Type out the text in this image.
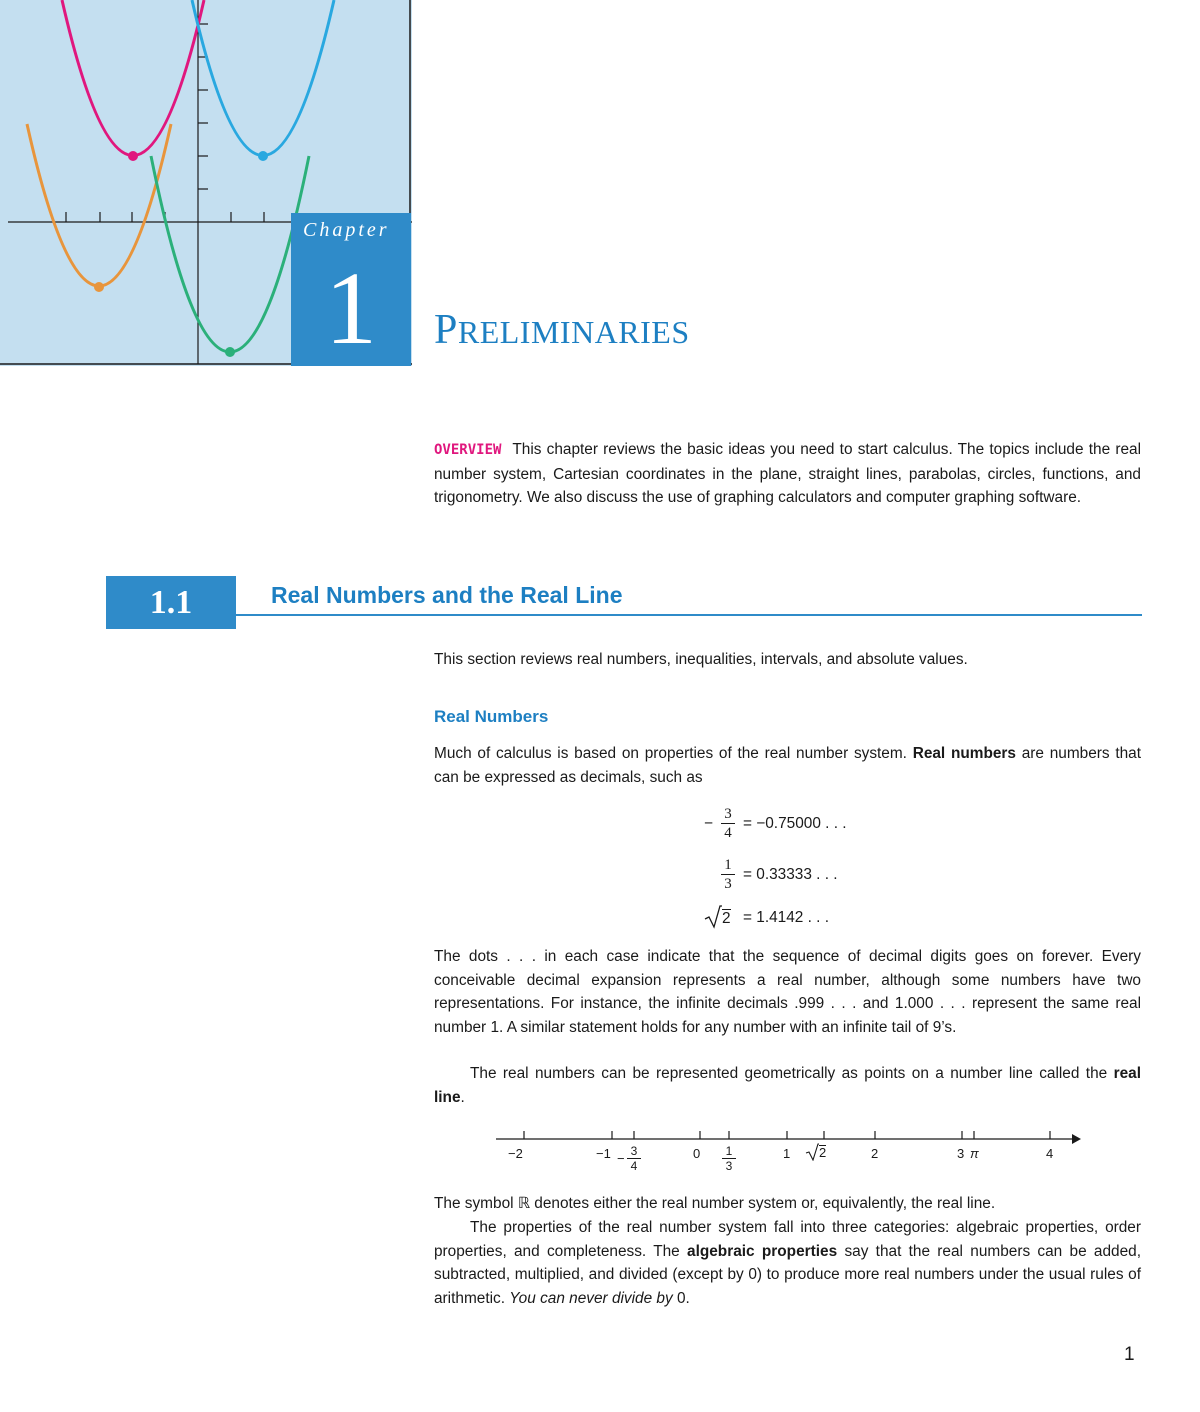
Chapter
1	PRELIMINARIES
OVERVIEW This chapter reviews the basic ideas you need to start calculus. The topics include the real number system, Cartesian coordinates in the plane, straight lines, parabolas, circles, functions, and trigonometry. We also discuss the use of graphing calculators and computer graphing software.
1.1	Real Numbers and the Real Line
This section reviews real numbers, inequalities, intervals, and absolute values.
Real Numbers
Much of calculus is based on properties of the real number system. Real numbers are numbers that can be expressed as decimals, such as
− $\frac{3}{4} = -0.75000$ . . .
$\frac{1}{3} = 0.33333$ . . .
2 = 1.4142 . . .
The dots . . . in each case indicate that the sequence of decimal digits goes on forever. Every conceivable decimal expansion represents a real number, although some numbers have two representations. For instance, the infinite decimals .999 . . . and 1.000 . . . represent the same real number 1. A similar statement holds for any number with an infinite tail of 9’s.
The real numbers can be represented geometrically as points on a number line called the real line.
−2	$-1 - \frac{3}{4}$	$0 \frac{1}{3}$	1 2	2	3 π	4
The symbol ℝ denotes either the real number system or, equivalently, the real line.
The properties of the real number system fall into three categories: algebraic properties, order properties, and completeness. The algebraic properties say that the real numbers can be added, subtracted, multiplied, and divided (except by 0) to produce more real numbers under the usual rules of arithmetic. You can never divide by 0.
1
